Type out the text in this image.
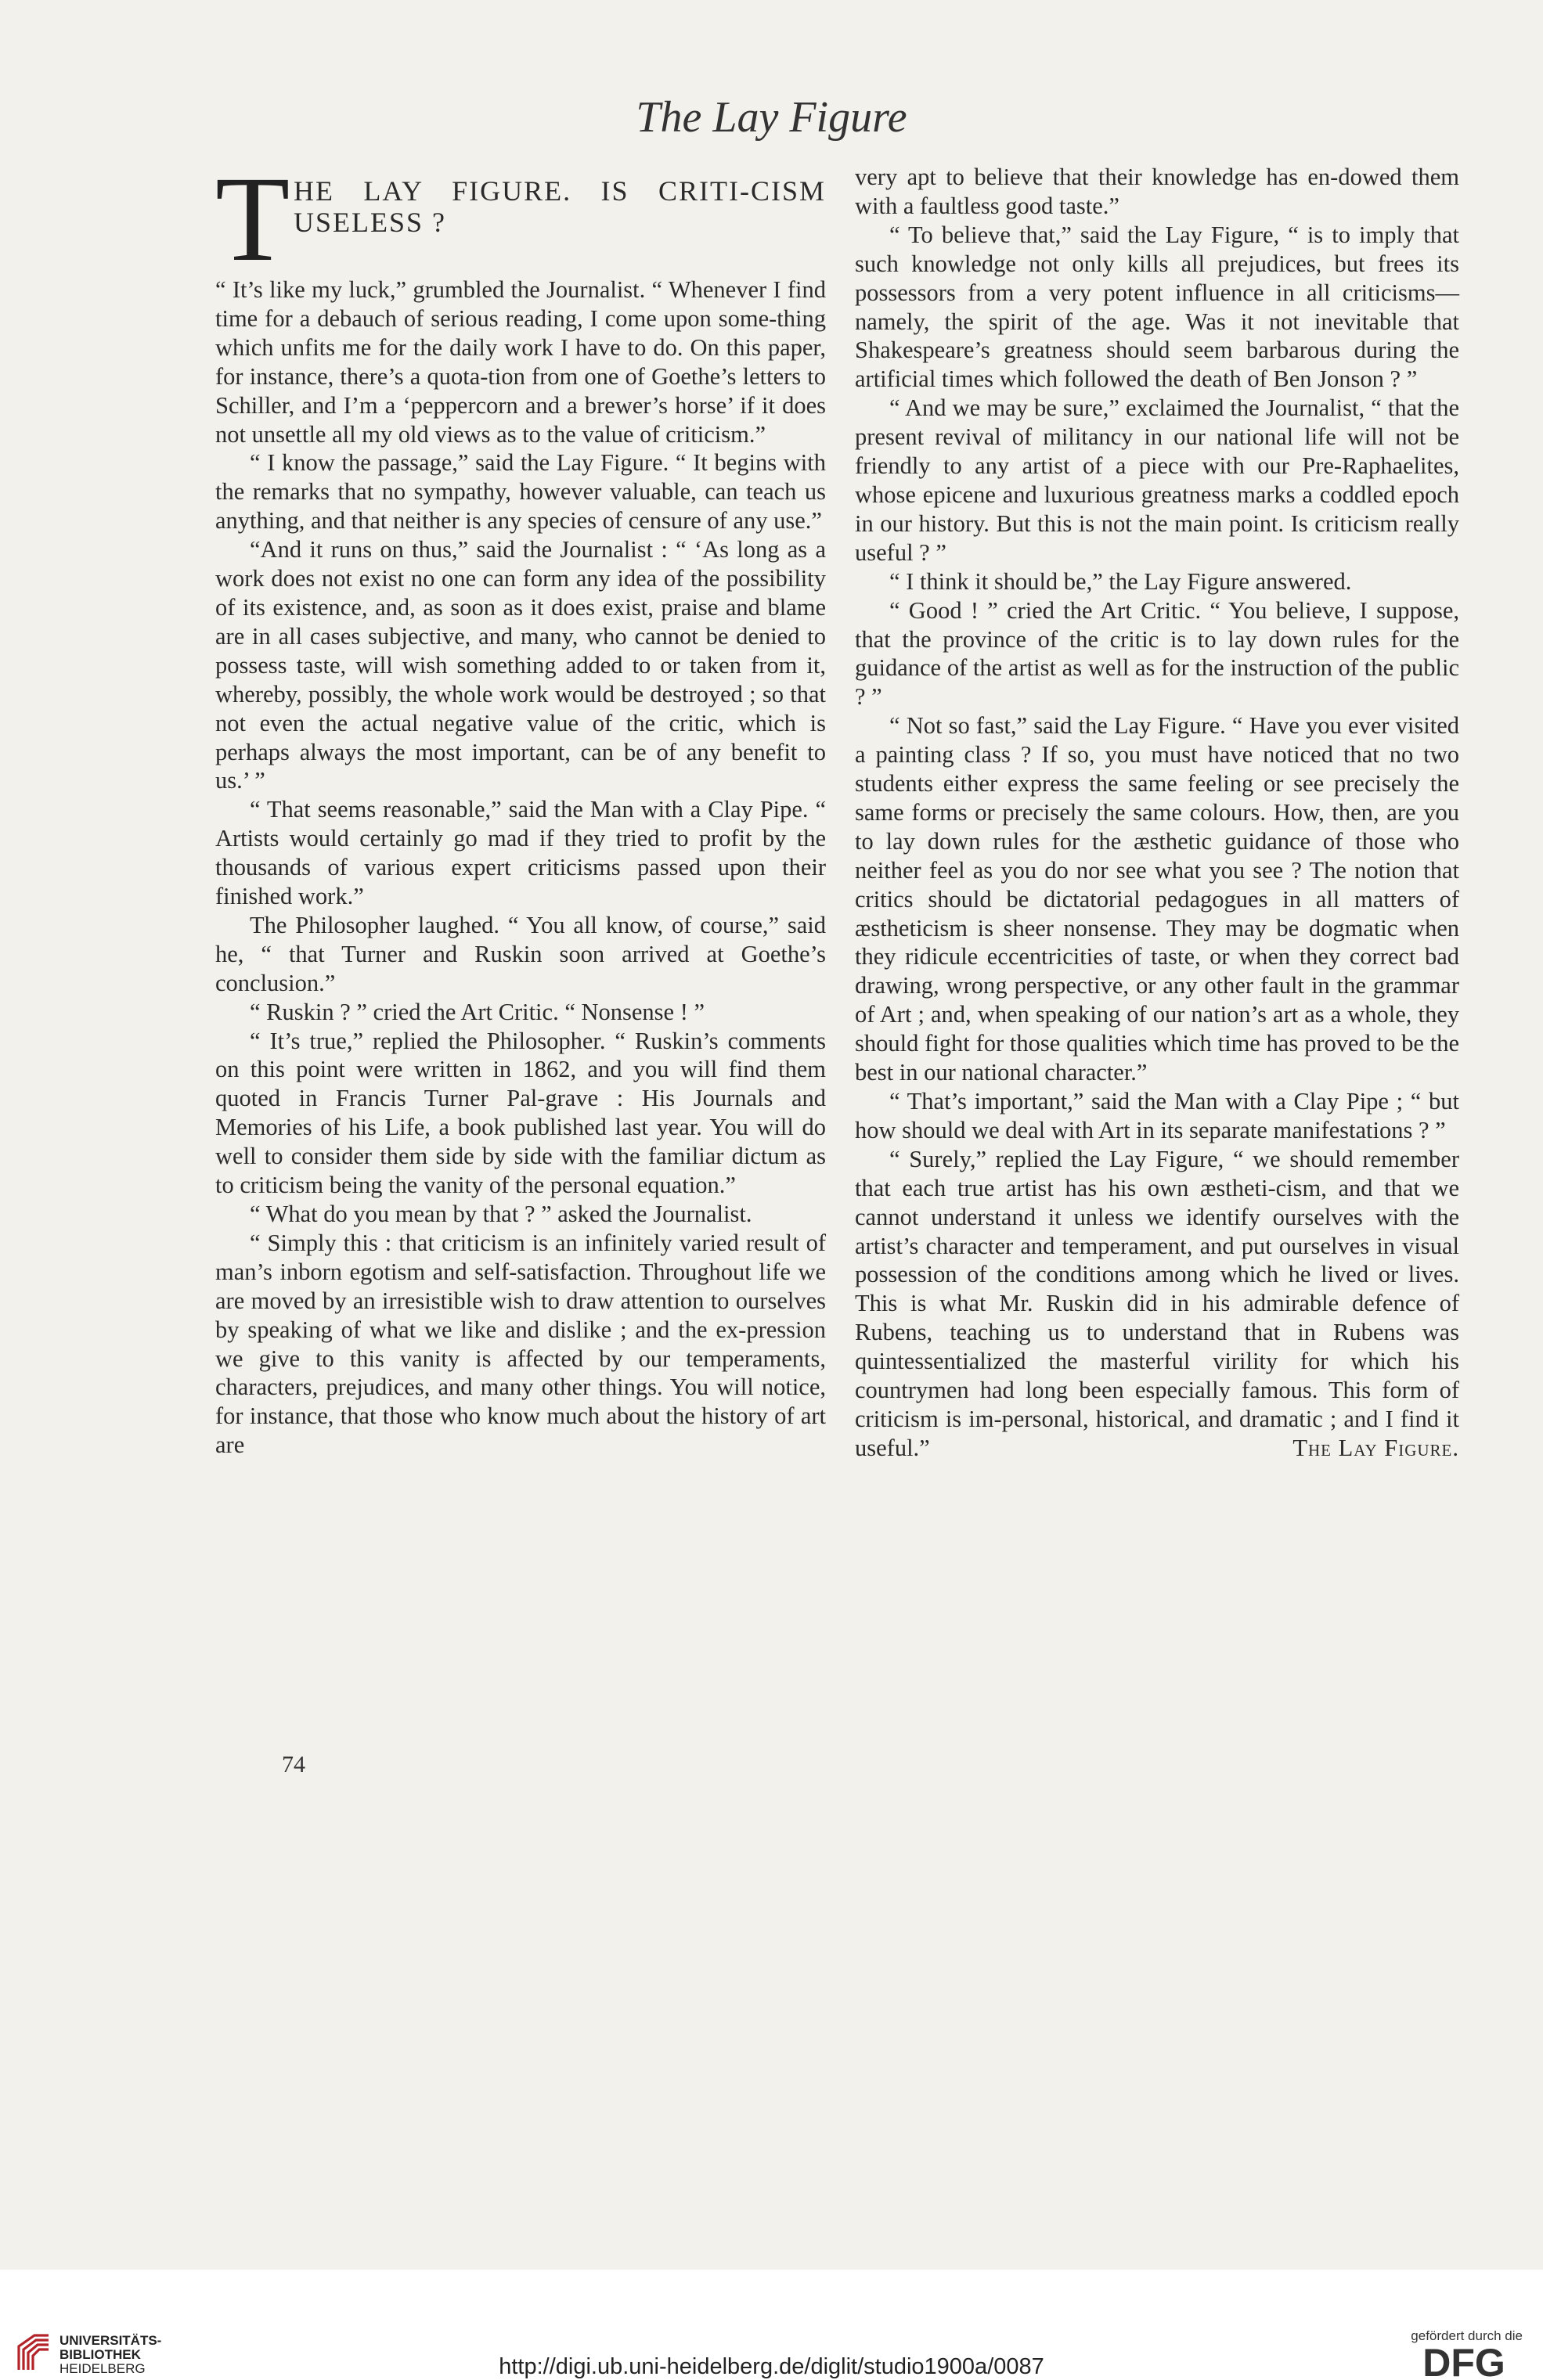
The Lay Figure
T HE LAY FIGURE. IS CRITI-CISM USELESS ?

“ It’s like my luck,” grumbled the Journalist. “ Whenever I find time for a debauch of serious reading, I come upon some-thing which unfits me for the daily work I have to do. On this paper, for instance, there’s a quota-tion from one of Goethe’s letters to Schiller, and I’m a ‘peppercorn and a brewer’s horse’ if it does not unsettle all my old views as to the value of criticism.”

“ I know the passage,” said the Lay Figure. “ It begins with the remarks that no sympathy, however valuable, can teach us anything, and that neither is any species of censure of any use.”

“And it runs on thus,” said the Journalist : “ ‘As long as a work does not exist no one can form any idea of the possibility of its existence, and, as soon as it does exist, praise and blame are in all cases subjective, and many, who cannot be denied to possess taste, will wish something added to or taken from it, whereby, possibly, the whole work would be destroyed ; so that not even the actual negative value of the critic, which is perhaps always the most important, can be of any benefit to us.’ ”

“ That seems reasonable,” said the Man with a Clay Pipe. “ Artists would certainly go mad if they tried to profit by the thousands of various expert criticisms passed upon their finished work.”

The Philosopher laughed. “ You all know, of course,” said he, “ that Turner and Ruskin soon arrived at Goethe’s conclusion.”

“ Ruskin ? ” cried the Art Critic. “ Nonsense ! ”

“ It’s true,” replied the Philosopher. “ Ruskin’s comments on this point were written in 1862, and you will find them quoted in Francis Turner Pal-grave : His Journals and Memories of his Life, a book published last year. You will do well to consider them side by side with the familiar dictum as to criticism being the vanity of the personal equation.”

“ What do you mean by that ? ” asked the Journalist.

“ Simply this : that criticism is an infinitely varied result of man’s inborn egotism and self-satisfaction. Throughout life we are moved by an irresistible wish to draw attention to ourselves by speaking of what we like and dislike ; and the ex-pression we give to this vanity is affected by our temperaments, characters, prejudices, and many other things. You will notice, for instance, that those who know much about the history of art are

very apt to believe that their knowledge has en-dowed them with a faultless good taste.”

“ To believe that,” said the Lay Figure, “ is to imply that such knowledge not only kills all prejudices, but frees its possessors from a very potent influence in all criticisms—namely, the spirit of the age. Was it not inevitable that Shakespeare’s greatness should seem barbarous during the artificial times which followed the death of Ben Jonson ? ”

“ And we may be sure,” exclaimed the Journalist, “ that the present revival of militancy in our national life will not be friendly to any artist of a piece with our Pre-Raphaelites, whose epicene and luxurious greatness marks a coddled epoch in our history. But this is not the main point. Is criticism really useful ? ”

“ I think it should be,” the Lay Figure answered.

“ Good ! ” cried the Art Critic. “ You believe, I suppose, that the province of the critic is to lay down rules for the guidance of the artist as well as for the instruction of the public ? ”

“ Not so fast,” said the Lay Figure. “ Have you ever visited a painting class ? If so, you must have noticed that no two students either express the same feeling or see precisely the same forms or precisely the same colours. How, then, are you to lay down rules for the æsthetic guidance of those who neither feel as you do nor see what you see ? The notion that critics should be dictatorial pedagogues in all matters of æstheticism is sheer nonsense. They may be dogmatic when they ridicule eccentricities of taste, or when they correct bad drawing, wrong perspective, or any other fault in the grammar of Art ; and, when speaking of our nation’s art as a whole, they should fight for those qualities which time has proved to be the best in our national character.”

“ That’s important,” said the Man with a Clay Pipe ; “ but how should we deal with Art in its separate manifestations ? ”

“ Surely,” replied the Lay Figure, “ we should remember that each true artist has his own æstheti-cism, and that we cannot understand it unless we identify ourselves with the artist’s character and temperament, and put ourselves in visual possession of the conditions among which he lived or lives. This is what Mr. Ruskin did in his admirable defence of Rubens, teaching us to understand that in Rubens was quintessentialized the masterful virility for which his countrymen had long been especially famous. This form of criticism is im-personal, historical, and dramatic ; and I find it useful.”	The Lay Figure.

74
UNIVERSITÄTS-
BIBLIOTHEK
HEIDELBERG	http://digi.ub.uni-heidelberg.de/diglit/studio1900a/0087
gefördert durch die
DFG
